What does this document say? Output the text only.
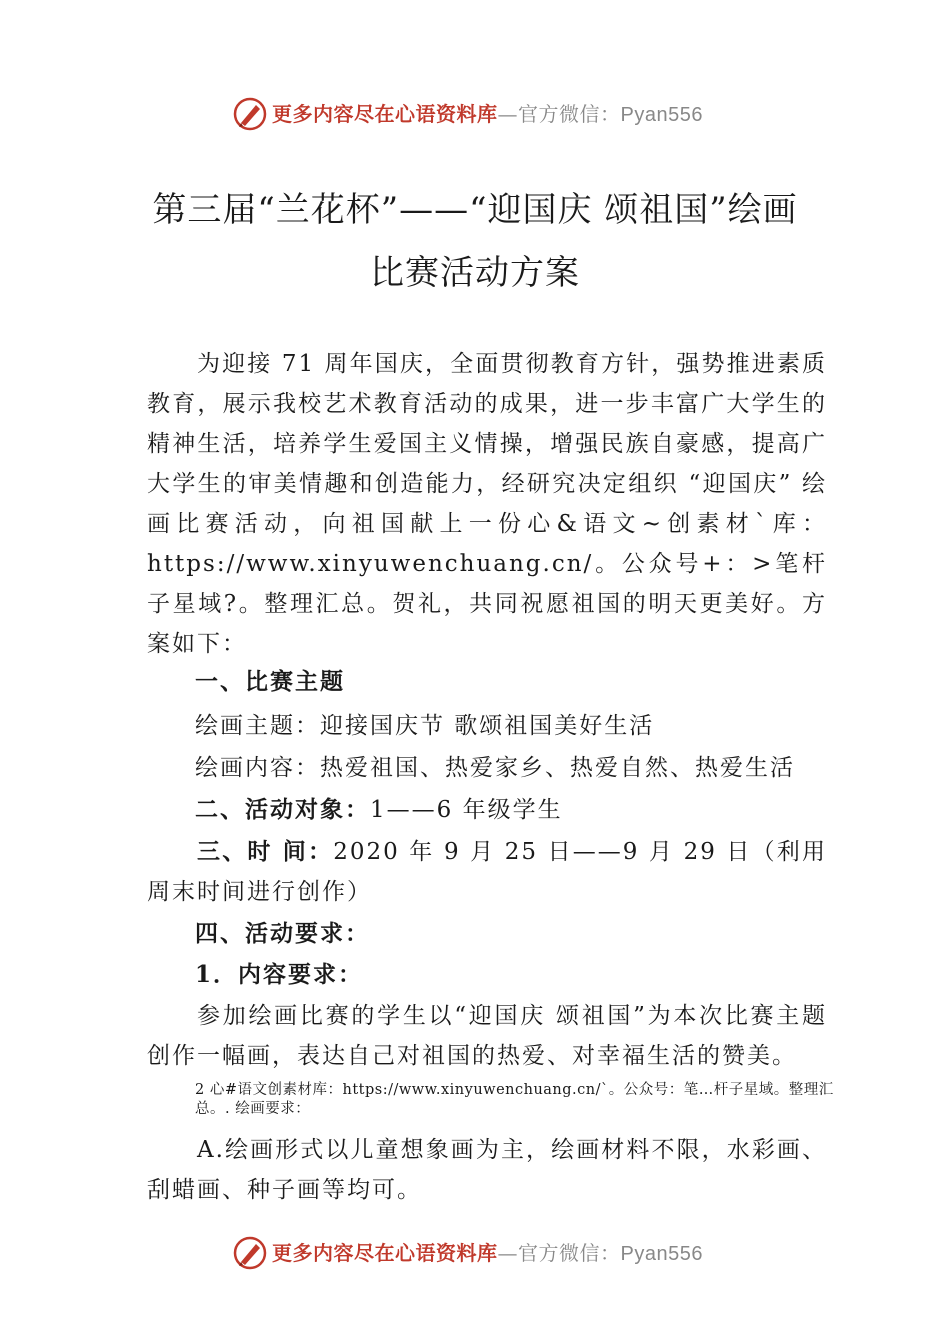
更多内容尽在心语资料库—官方微信：Pyan556
第三届“兰花杯”——“迎国庆 颂祖国”绘画
比赛活动方案

为迎接 71 周年国庆，全面贯彻教育方针，强势推进素质教育，展示我校艺术教育活动的成果，进一步丰富广大学生的精神生活，培养学生爱国主义情操，增强民族自豪感，提高广大学生的审美情趣和创造能力，经研究决定组织 “迎国庆” 绘画比赛活动，向祖国献上一份心&语文~创素材`库：https://www.xinyuwenchuang.cn/。公众号+：>笔杆子星域?。整理汇总。贺礼，共同祝愿祖国的明天更美好。方案如下：

一、比赛主题
绘画主题：迎接国庆节 歌颂祖国美好生活
绘画内容：热爱祖国、热爱家乡、热爱自然、热爱生活
二、活动对象：1——6 年级学生

三、时 间：2020 年 9 月 25 日——9 月 29 日（利用周末时间进行创作）

四、活动要求：
1．内容要求：

参加绘画比赛的学生以“迎国庆 颂祖国”为本次比赛主题创作一幅画，表达自己对祖国的热爱、对幸福生活的赞美。

2 心#语文创素材库：https://www.xinyuwenchuang.cn/`。公众号：笔…杆子星域。整理汇总。. 绘画要求：

A.绘画形式以儿童想象画为主，绘画材料不限，水彩画、刮蜡画、种子画等均可。

更多内容尽在心语资料库—官方微信：Pyan556
